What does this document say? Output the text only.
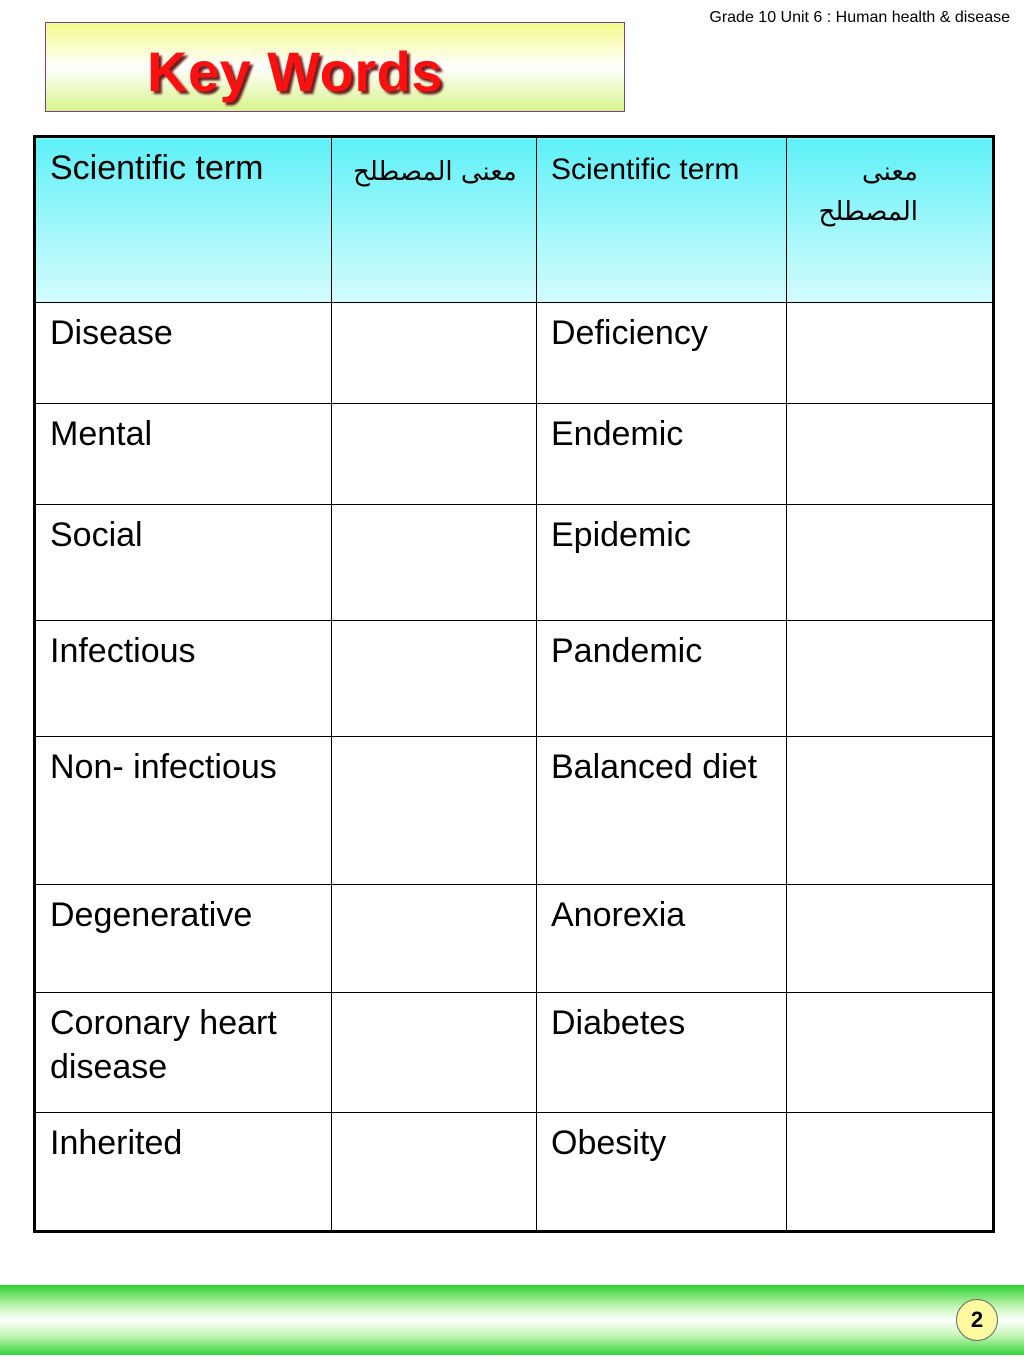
Grade 10 Unit 6 : Human health & disease
Key Words
Scientific term	معنى المصطلح	Scientific term	معنى المصطلح
Disease		Deficiency	
Mental		Endemic	
Social		Epidemic	
Infectious		Pandemic	
Non- infectious		Balanced diet	
Degenerative		Anorexia	
Coronary heart disease		Diabetes	
Inherited		Obesity	
2
